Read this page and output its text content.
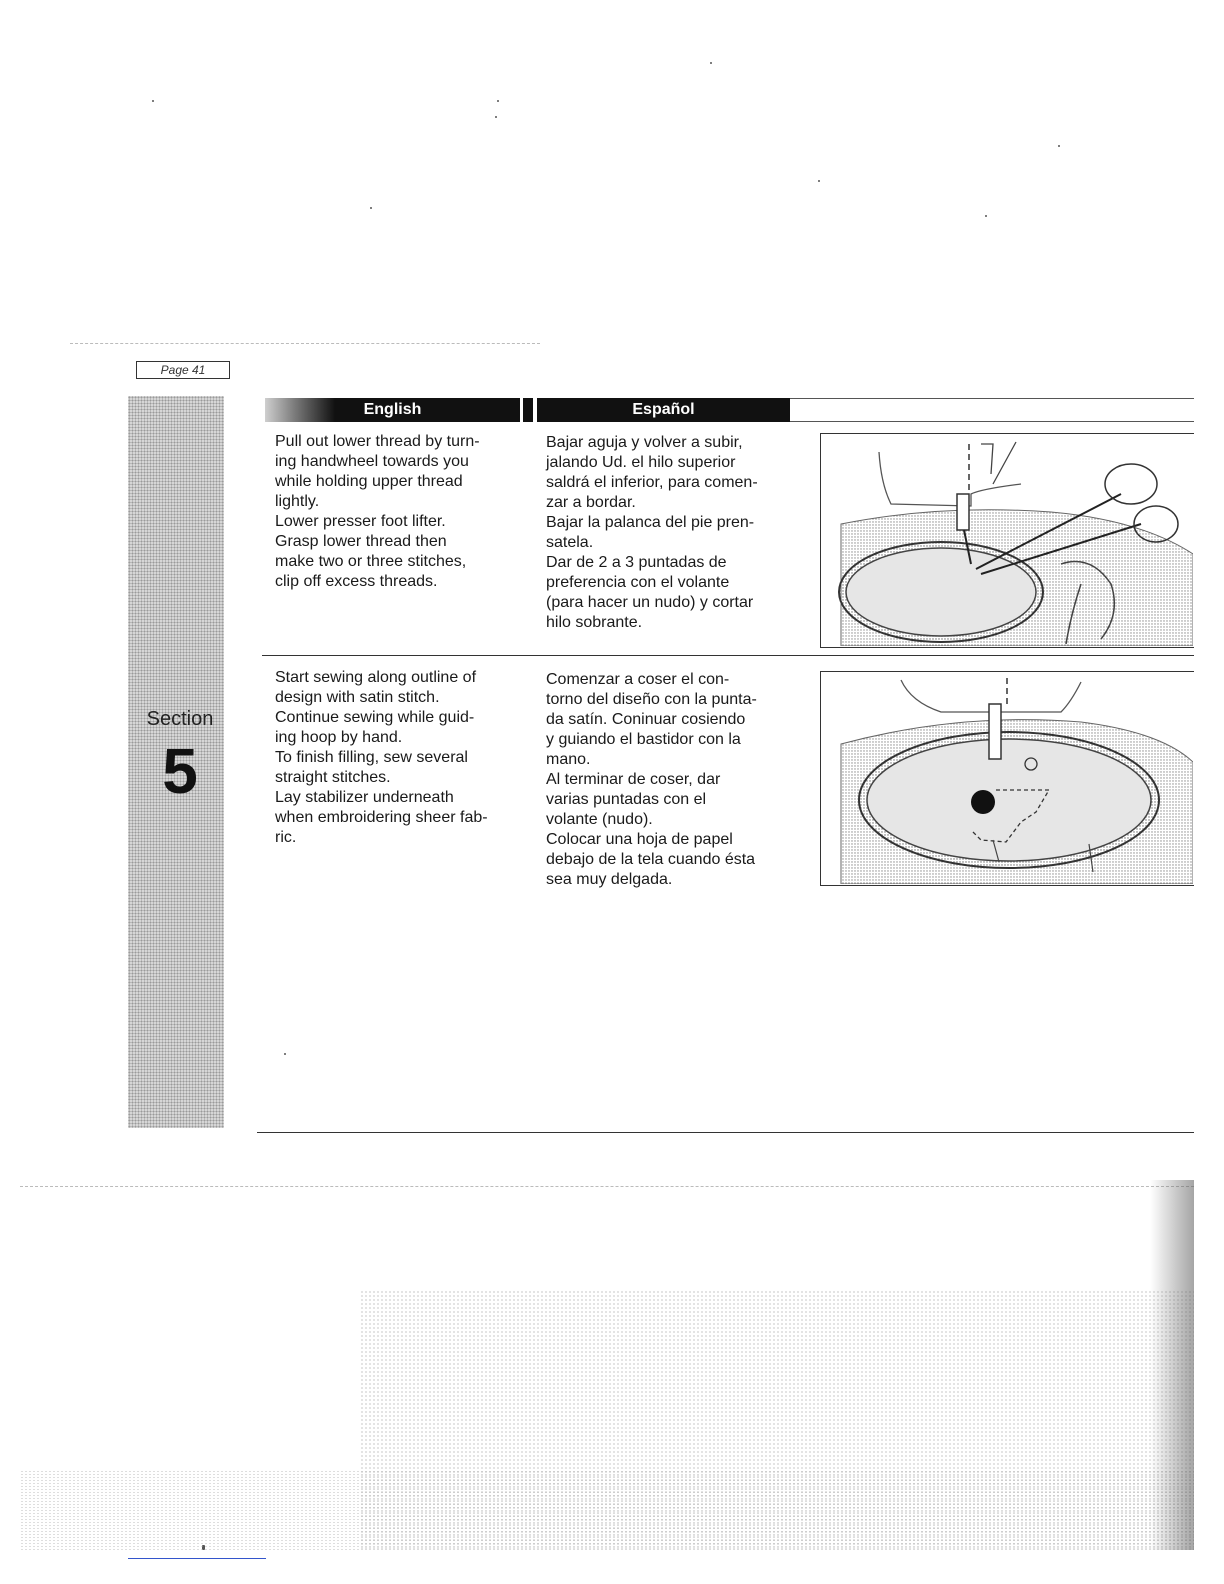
Page 41
Section
5
English	Español

Pull out lower thread by turn-

ing handwheel towards you

while holding upper thread

lightly.

Lower presser foot lifter.

Grasp lower thread then

make two or three stitches,

clip off excess threads.

Bajar aguja y volver a subir,

jalando Ud. el hilo superior

saldrá el inferior, para comen-

zar a bordar.

Bajar la palanca del pie pren-

satela.

Dar de 2 a 3 puntadas de

preferencia con el volante

(para hacer un nudo) y cortar

hilo sobrante.

Start sewing along outline of

design with satin stitch.

Continue sewing while guid-

ing hoop by hand.

To finish filling, sew several

straight stitches.

Lay stabilizer underneath

when embroidering sheer fab-

ric.

Comenzar a coser el con-

torno del diseño con la punta-

da satín. Coninuar cosiendo

y guiando el bastidor con la

mano.

Al terminar de coser, dar

varias puntadas con el

volante (nudo).

Colocar una hoja de papel

debajo de la tela cuando ésta

sea muy delgada.
